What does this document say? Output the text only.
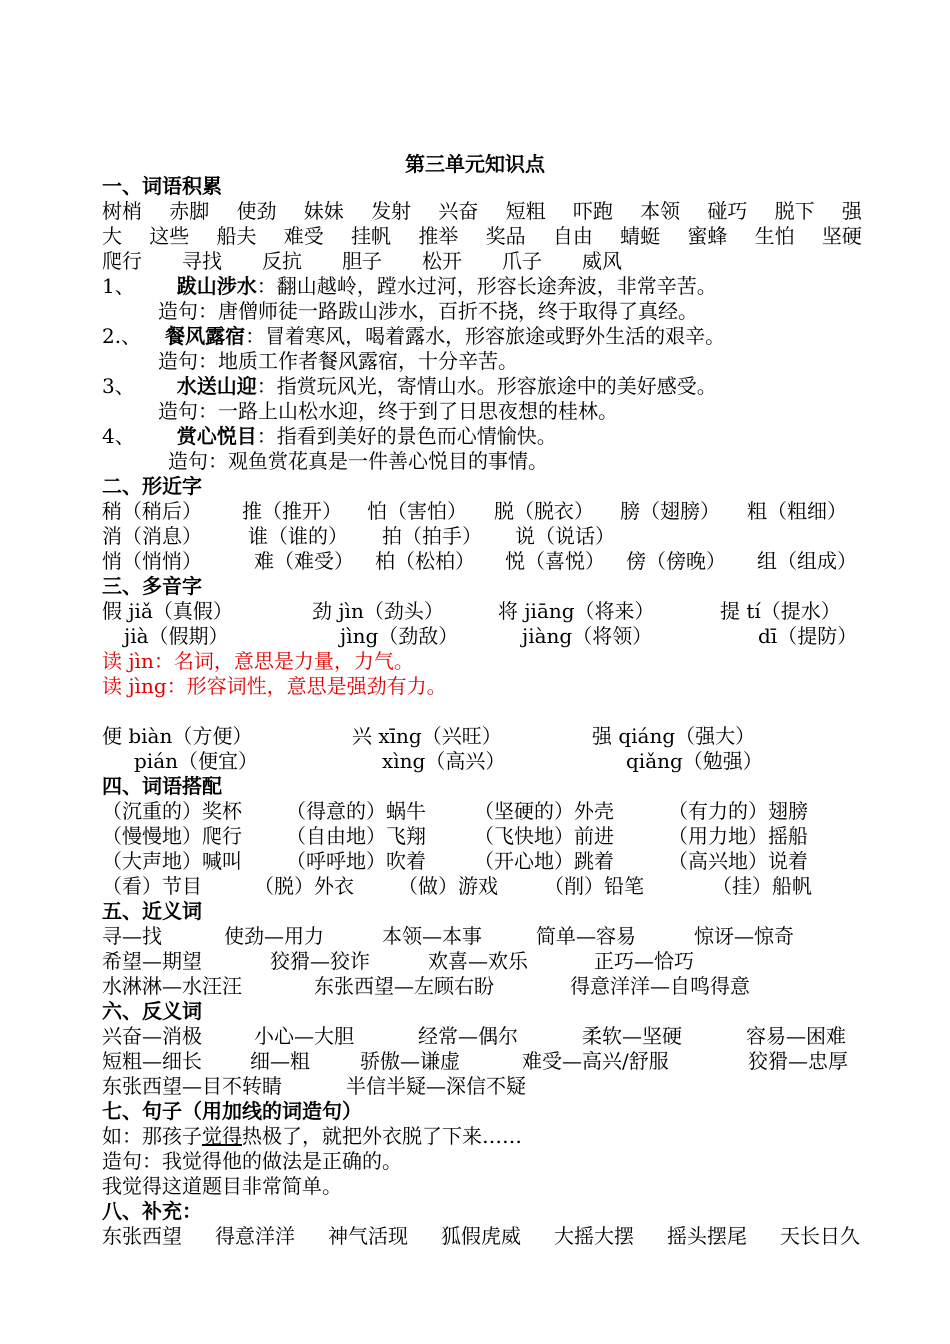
第三单元知识点
一、词语积累
树梢 赤脚 使劲 妹妹 发射 兴奋 短粗 吓跑 本领 碰巧 脱下 强
大 这些 船夫 难受 挂帆 推举 奖品 自由 蜻蜓 蜜蜂 生怕 坚硬
爬行　　寻找　　反抗　　胆子　　松开　　爪子　　威风
1、 跋山涉水：翻山越岭，蹚水过河，形容长途奔波，非常辛苦。
造句：唐僧师徒一路跋山涉水，百折不挠，终于取得了真经。
2.、 餐风露宿：冒着寒风，喝着露水，形容旅途或野外生活的艰辛。
造句：地质工作者餐风露宿，十分辛苦。
3、 水送山迎：指赏玩风光，寄情山水。形容旅途中的美好感受。
造句：一路上山松水迎，终于到了日思夜想的桂林。
4、 赏心悦目：指看到美好的景色而心情愉快。
造句：观鱼赏花真是一件善心悦目的事情。
二、形近字
稍（稍后） 推（推开） 怕（害怕） 脱（脱衣） 膀（翅膀） 粗（粗细）
消（消息） 谁（谁的） 拍（拍手） 说（说话）
悄（悄悄）	难（难受） 柏（松柏） 悦（喜悦） 傍（傍晚） 组（组成）
三、多音字
假 jiǎ（真假）	劲 jìn（劲头）	将 jiāng（将来）	提 tí（提水）
jià（假期）	jìng（劲敌）	jiàng（将领）	dī（提防）
读 jìn：名词，意思是力量，力气。
读 jìng：形容词性，意思是强劲有力。
便 biàn（方便）	兴 xīng（兴旺）	强 qiáng（强大）
pián（便宜）	xìng（高兴）	qiǎng（勉强）
四、词语搭配
（沉重的）奖杯 （得意的）蜗牛 （坚硬的）外壳	（有力的）翅膀
（慢慢地）爬行 （自由地）飞翔 （飞快地）前进	（用力地）摇船
（大声地）喊叫 （呼呼地）吹着 （开心地）跳着	（高兴地）说着
（看）节目	（脱）外衣 （做）游戏 （削）铅笔	（挂）船帆
五、近义词
寻—找	使劲—用力	本领—本事	简单—容易	惊讶—惊奇
希望—期望	狡猾—狡诈	欢喜—欢乐	正巧—恰巧
水淋淋—水汪汪	东张西望—左顾右盼	得意洋洋—自鸣得意
六、反义词
兴奋—消极	小心—大胆	经常—偶尔	柔软—坚硬	容易—困难
短粗—细长 细—粗	骄傲—谦虚	难受—高兴/舒服	狡猾—忠厚
东张西望—目不转睛	半信半疑—深信不疑
七、句子（用加线的词造句）
如：那孩子觉得热极了，就把外衣脱了下来……
造句：我觉得他的做法是正确的。
我觉得这道题目非常简单。
八、补充：
东张西望 得意洋洋 神气活现 狐假虎威 大摇大摆 摇头摆尾 天长日久
